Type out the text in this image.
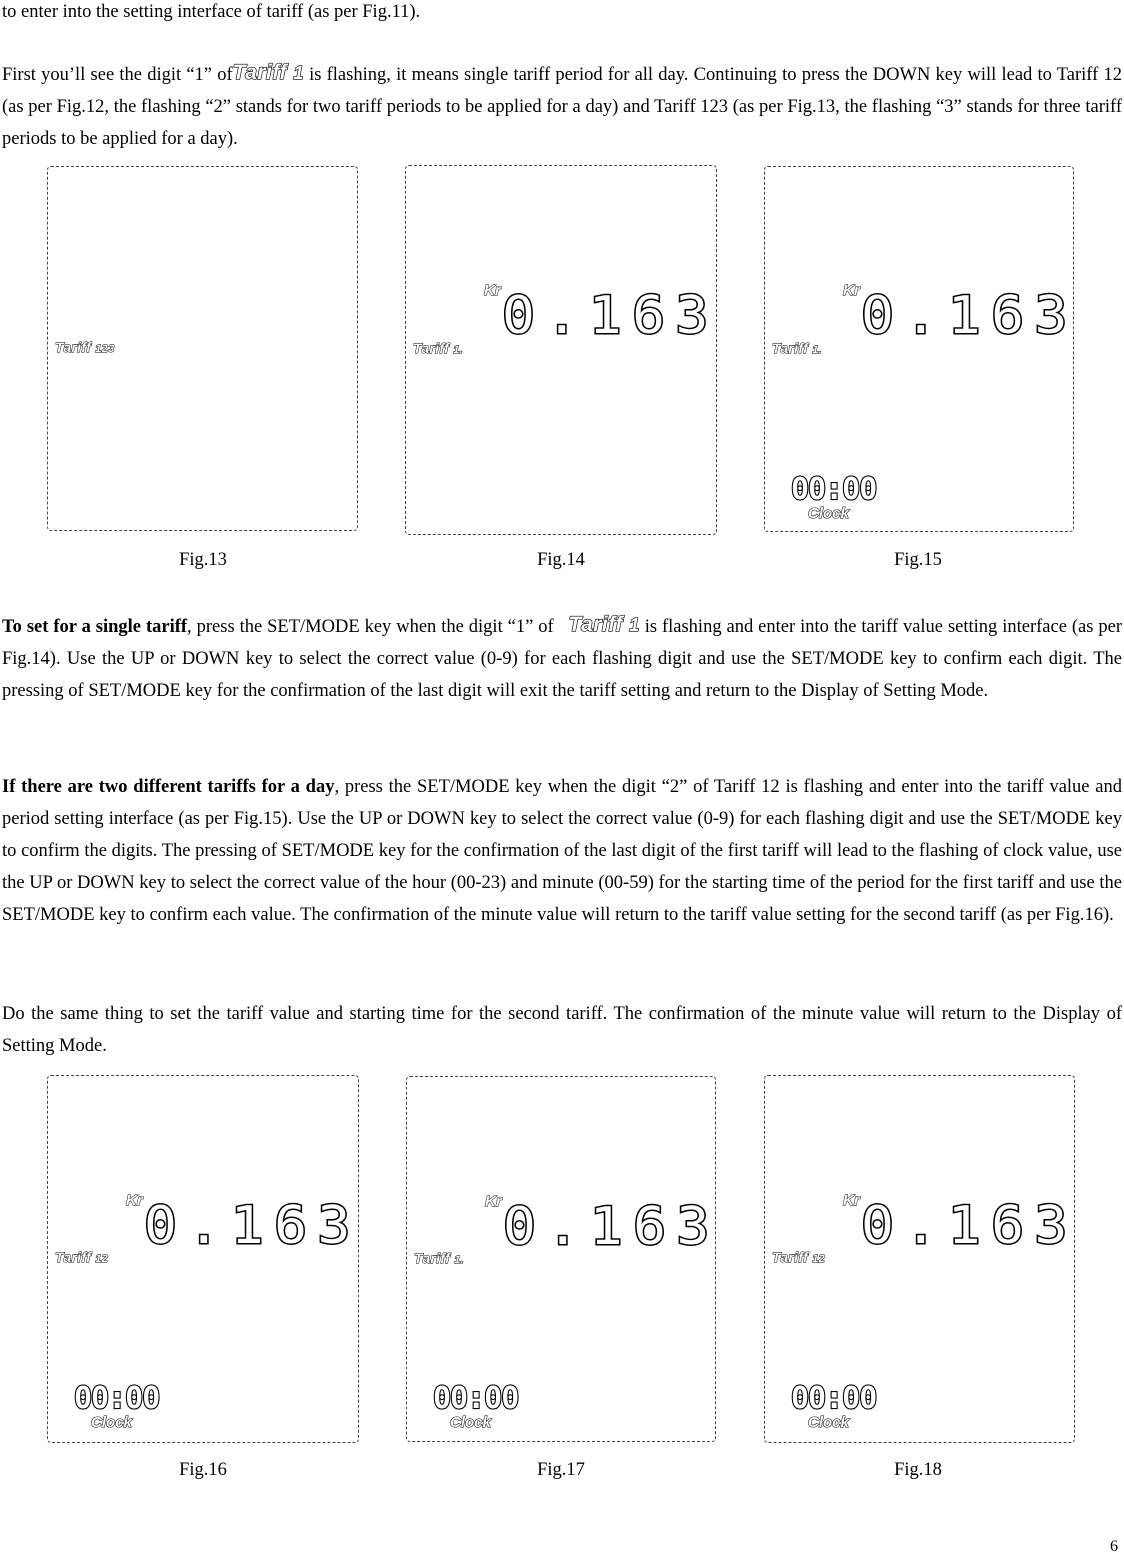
to enter into the setting interface of tariff (as per Fig.11).

First you’ll see the digit “1” ofTariff 1 is flashing, it means single tariff period for all day. Continuing to press the DOWN key will lead to Tariff 12 (as per Fig.12, the flashing “2” stands for two tariff periods to be applied for a day) and Tariff 123 (as per Fig.13, the flashing “3” stands for three tariff periods to be applied for a day).

Tariff 123
Kr 0.163
Tariff 1.
Kr 0.163
Tariff 1.
00:00
Clock
Fig.13	Fig.14	Fig.15

To set for a single tariff, press the SET/MODE key when the digit “1” of Tariff 1 is flashing and enter into the tariff value setting interface (as per Fig.14). Use the UP or DOWN key to select the correct value (0-9) for each flashing digit and use the SET/MODE key to confirm each digit. The pressing of SET/MODE key for the confirmation of the last digit will exit the tariff setting and return to the Display of Setting Mode.

If there are two different tariffs for a day, press the SET/MODE key when the digit “2” of Tariff 12 is flashing and enter into the tariff value and period setting interface (as per Fig.15). Use the UP or DOWN key to select the correct value (0-9) for each flashing digit and use the SET/MODE key to confirm the digits. The pressing of SET/MODE key for the confirmation of the last digit of the first tariff will lead to the flashing of clock value, use the UP or DOWN key to select the correct value of the hour (00-23) and minute (00-59) for the starting time of the period for the first tariff and use the SET/MODE key to confirm each value. The confirmation of the minute value will return to the tariff value setting for the second tariff (as per Fig.16).

Do the same thing to set the tariff value and starting time for the second tariff. The confirmation of the minute value will return to the Display of Setting Mode.

Kr 0.163
Tariff 12
00:00
Clock
Kr 0.163
Tariff 1.
00:00
Clock
Kr 0.163
Tariff 12
00:00
Clock
Fig.16	Fig.17	Fig.18
6
